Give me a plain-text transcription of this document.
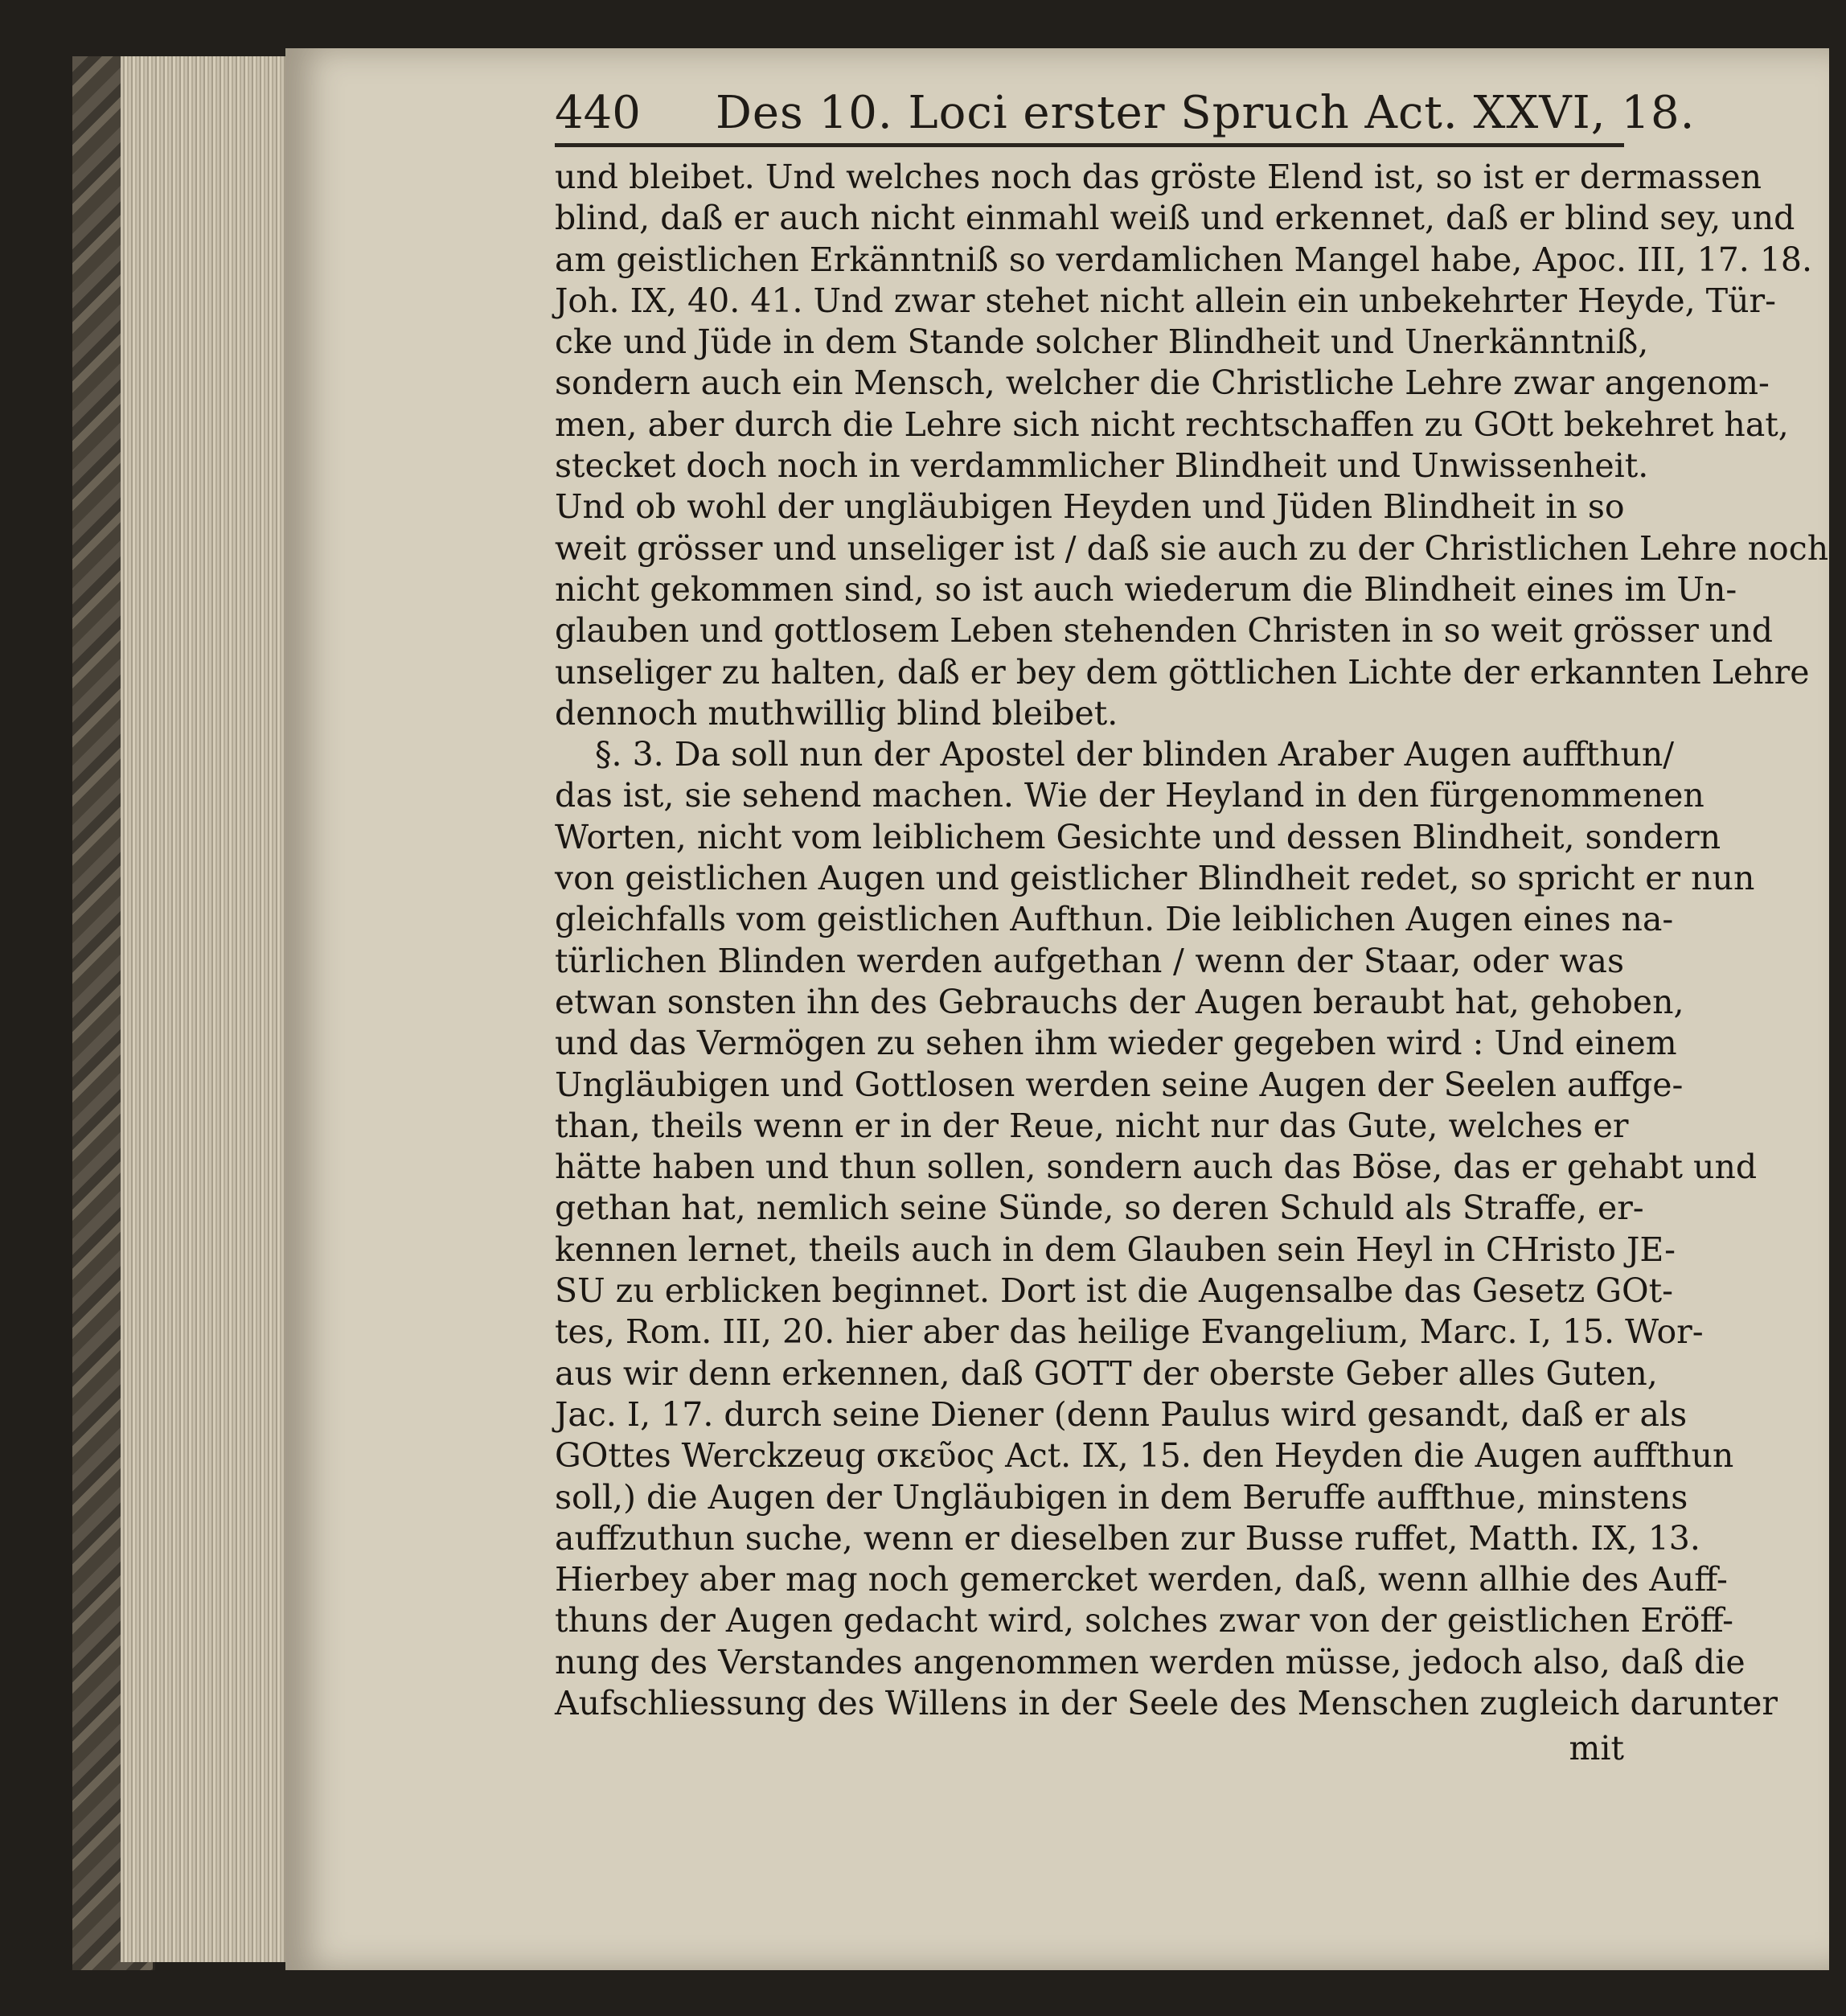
440 Des 10. Loci erster Spruch Act. XXVI, 18.
und bleibet. Und welches noch das gröste Elend ist, so ist er dermassen
blind, daß er auch nicht einmahl weiß und erkennet, daß er blind sey, und
am geistlichen Erkänntniß so verdamlichen Mangel habe, Apoc. III, 17. 18.
Joh. IX, 40. 41. Und zwar stehet nicht allein ein unbekehrter Heyde, Tür-
cke und Jüde in dem Stande solcher Blindheit und Unerkänntniß,
sondern auch ein Mensch, welcher die Christliche Lehre zwar angenom-
men, aber durch die Lehre sich nicht rechtschaffen zu GOtt bekehret hat,
stecket doch noch in verdammlicher Blindheit und Unwissenheit.
Und ob wohl der ungläubigen Heyden und Jüden Blindheit in so
weit grösser und unseliger ist / daß sie auch zu der Christlichen Lehre noch
nicht gekommen sind, so ist auch wiederum die Blindheit eines im Un-
glauben und gottlosem Leben stehenden Christen in so weit grösser und
unseliger zu halten, daß er bey dem göttlichen Lichte der erkannten Lehre
dennoch muthwillig blind bleibet.
§. 3. Da soll nun der Apostel der blinden Araber Augen auffthun/
das ist, sie sehend machen. Wie der Heyland in den fürgenommenen
Worten, nicht vom leiblichem Gesichte und dessen Blindheit, sondern
von geistlichen Augen und geistlicher Blindheit redet, so spricht er nun
gleichfalls vom geistlichen Aufthun. Die leiblichen Augen eines na-
türlichen Blinden werden aufgethan / wenn der Staar, oder was
etwan sonsten ihn des Gebrauchs der Augen beraubt hat, gehoben,
und das Vermögen zu sehen ihm wieder gegeben wird : Und einem
Ungläubigen und Gottlosen werden seine Augen der Seelen auffge-
than, theils wenn er in der Reue, nicht nur das Gute, welches er
hätte haben und thun sollen, sondern auch das Böse, das er gehabt und
gethan hat, nemlich seine Sünde, so deren Schuld als Straffe, er-
kennen lernet, theils auch in dem Glauben sein Heyl in CHristo JE-
SU zu erblicken beginnet. Dort ist die Augensalbe das Gesetz GOt-
tes, Rom. III, 20. hier aber das heilige Evangelium, Marc. I, 15. Wor-
aus wir denn erkennen, daß GOTT der oberste Geber alles Guten,
Jac. I, 17. durch seine Diener (denn Paulus wird gesandt, daß er als
GOttes Werckzeug σκεῦος Act. IX, 15. den Heyden die Augen auffthun
soll,) die Augen der Ungläubigen in dem Beruffe auffthue, minstens
auffzuthun suche, wenn er dieselben zur Busse ruffet, Matth. IX, 13.
Hierbey aber mag noch gemercket werden, daß, wenn allhie des Auff-
thuns der Augen gedacht wird, solches zwar von der geistlichen Eröff-
nung des Verstandes angenommen werden müsse, jedoch also, daß die
Aufschliessung des Willens in der Seele des Menschen zugleich darunter
mit
